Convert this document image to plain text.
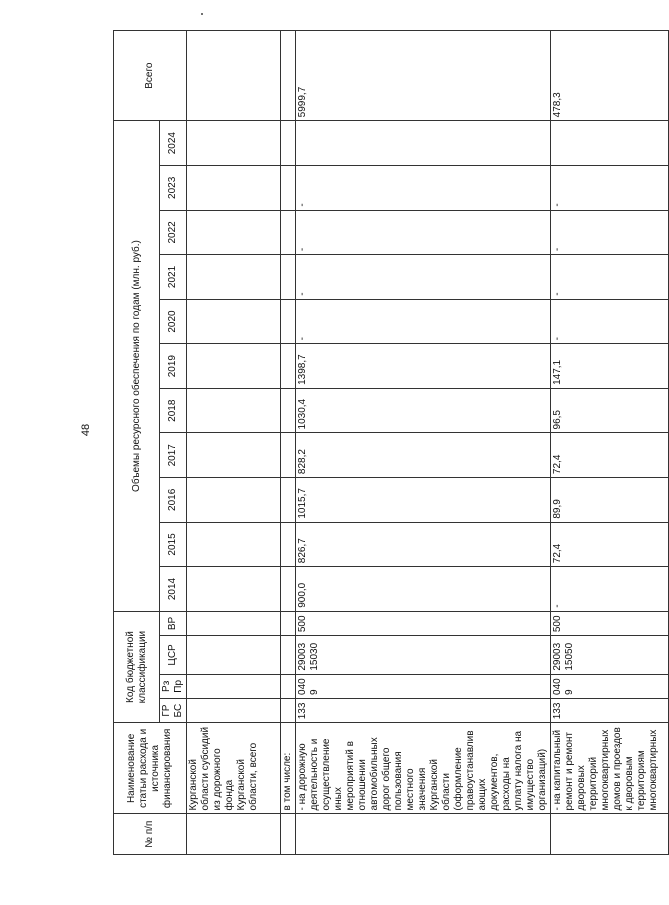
48
№ п/п	Наименование статьи расхода и источника финансирования	Код бюджетной классификации				Объемы ресурсного обеспечения по годам (млн. руб.)											Всего
		ГРБС	РзПр	ЦСР	ВР	2014	2015	2016	2017	2018	2019	2020	2021	2022	2023	2024	
	Курганской области субсидий из дорожного фонда Курганской области, всего																
	в том числе:																
	- на дорожную деятельность и осуществление иных мероприятий в отношении автомобильных дорог общего пользования местного значения Курганской области (оформление правоустанавливающих документов, расходы на уплату налога на имущество организаций)	133	0409	29003 15030	500	900,0	826,7	1015,7	828,2	1030,4	1398,7	-	-	-	-		5999,7
	- на капитальный ремонт и ремонт дворовых территорий многоквартирных домов и проездов к дворовым территориям многоквартирных	133	0409	29003 15050	500	-	72,4	89,9	72,4	96,5	147,1	-	-	-	-		478,3
